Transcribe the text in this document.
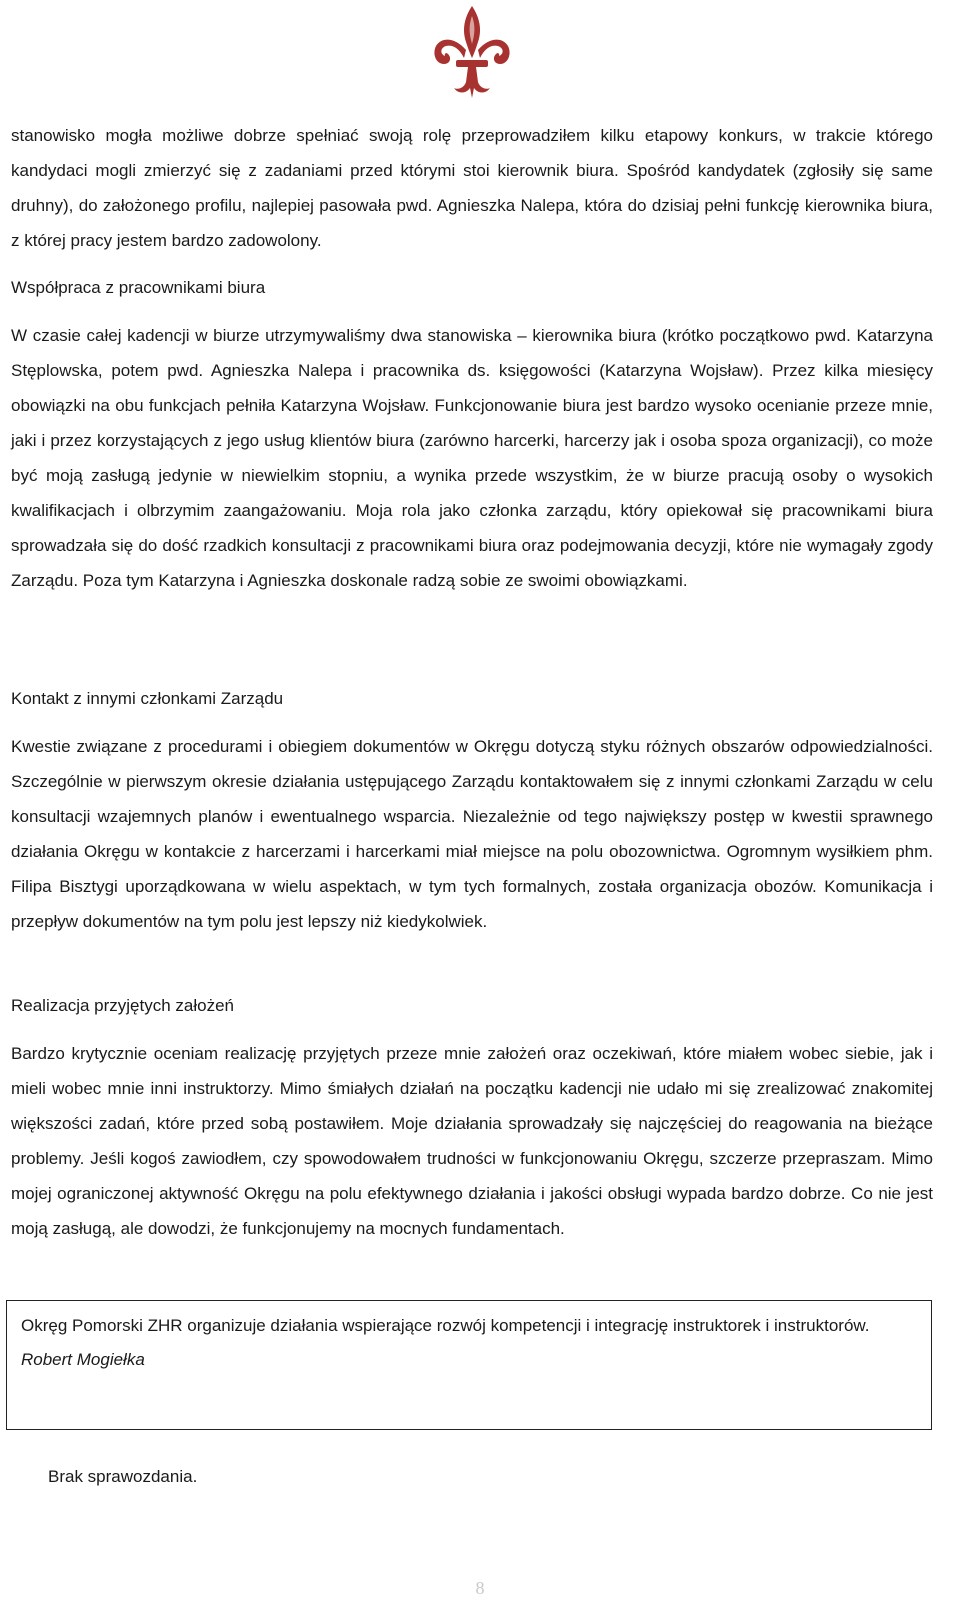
stanowisko mogła możliwe dobrze spełniać swoją rolę przeprowadziłem kilku etapowy konkurs, w trakcie którego kandydaci mogli zmierzyć się z zadaniami przed którymi stoi kierownik biura. Spośród kandydatek (zgłosiły się same druhny), do założonego profilu, najlepiej pasowała pwd. Agnieszka Nalepa, która do dzisiaj pełni funkcję kierownika biura, z której pracy jestem bardzo zadowolony.

Współpraca z pracownikami biura

W czasie całej kadencji w biurze utrzymywaliśmy dwa stanowiska – kierownika biura (krótko początkowo pwd. Katarzyna Stęplowska, potem pwd. Agnieszka Nalepa i pracownika ds. księgowości (Katarzyna Wojsław). Przez kilka miesięcy obowiązki na obu funkcjach pełniła Katarzyna Wojsław. Funkcjonowanie biura jest bardzo wysoko ocenianie przeze mnie, jaki i przez korzystających z jego usług klientów biura (zarówno harcerki, harcerzy jak i osoba spoza organizacji), co może być moją zasługą jedynie w niewielkim stopniu, a wynika przede wszystkim, że w biurze pracują osoby o wysokich kwalifikacjach i olbrzymim zaangażowaniu. Moja rola jako członka zarządu, który opiekował się pracownikami biura sprowadzała się do dość rzadkich konsultacji z pracownikami biura oraz podejmowania decyzji, które nie wymagały zgody Zarządu. Poza tym Katarzyna i Agnieszka doskonale radzą sobie ze swoimi obowiązkami.

Kontakt z innymi członkami Zarządu

Kwestie związane z procedurami i obiegiem dokumentów w Okręgu dotyczą styku różnych obszarów odpowiedzialności. Szczególnie w pierwszym okresie działania ustępującego Zarządu kontaktowałem się z innymi członkami Zarządu w celu konsultacji wzajemnych planów i ewentualnego wsparcia. Niezależnie od tego największy postęp w kwestii sprawnego działania Okręgu w kontakcie z harcerzami i harcerkami miał miejsce na polu obozownictwa. Ogromnym wysiłkiem phm. Filipa Bisztygi uporządkowana w wielu aspektach, w tym tych formalnych, została organizacja obozów. Komunikacja i przepływ dokumentów na tym polu jest lepszy niż kiedykolwiek.

Realizacja przyjętych założeń

Bardzo krytycznie oceniam realizację przyjętych przeze mnie założeń oraz oczekiwań, które miałem wobec siebie, jak i mieli wobec mnie inni instruktorzy. Mimo śmiałych działań na początku kadencji nie udało mi się zrealizować znakomitej większości zadań, które przed sobą postawiłem. Moje działania sprowadzały się najczęściej do reagowania na bieżące problemy. Jeśli kogoś zawiodłem, czy spowodowałem trudności w funkcjonowaniu Okręgu, szczerze przepraszam. Mimo mojej ograniczonej aktywność Okręgu na polu efektywnego działania i jakości obsługi wypada bardzo dobrze. Co nie jest moją zasługą, ale dowodzi, że funkcjonujemy na mocnych fundamentach.

Okręg Pomorski ZHR organizuje działania wspierające rozwój kompetencji i integrację instruktorek i instruktorów.

Robert Mogiełka

Brak sprawozdania.
8
